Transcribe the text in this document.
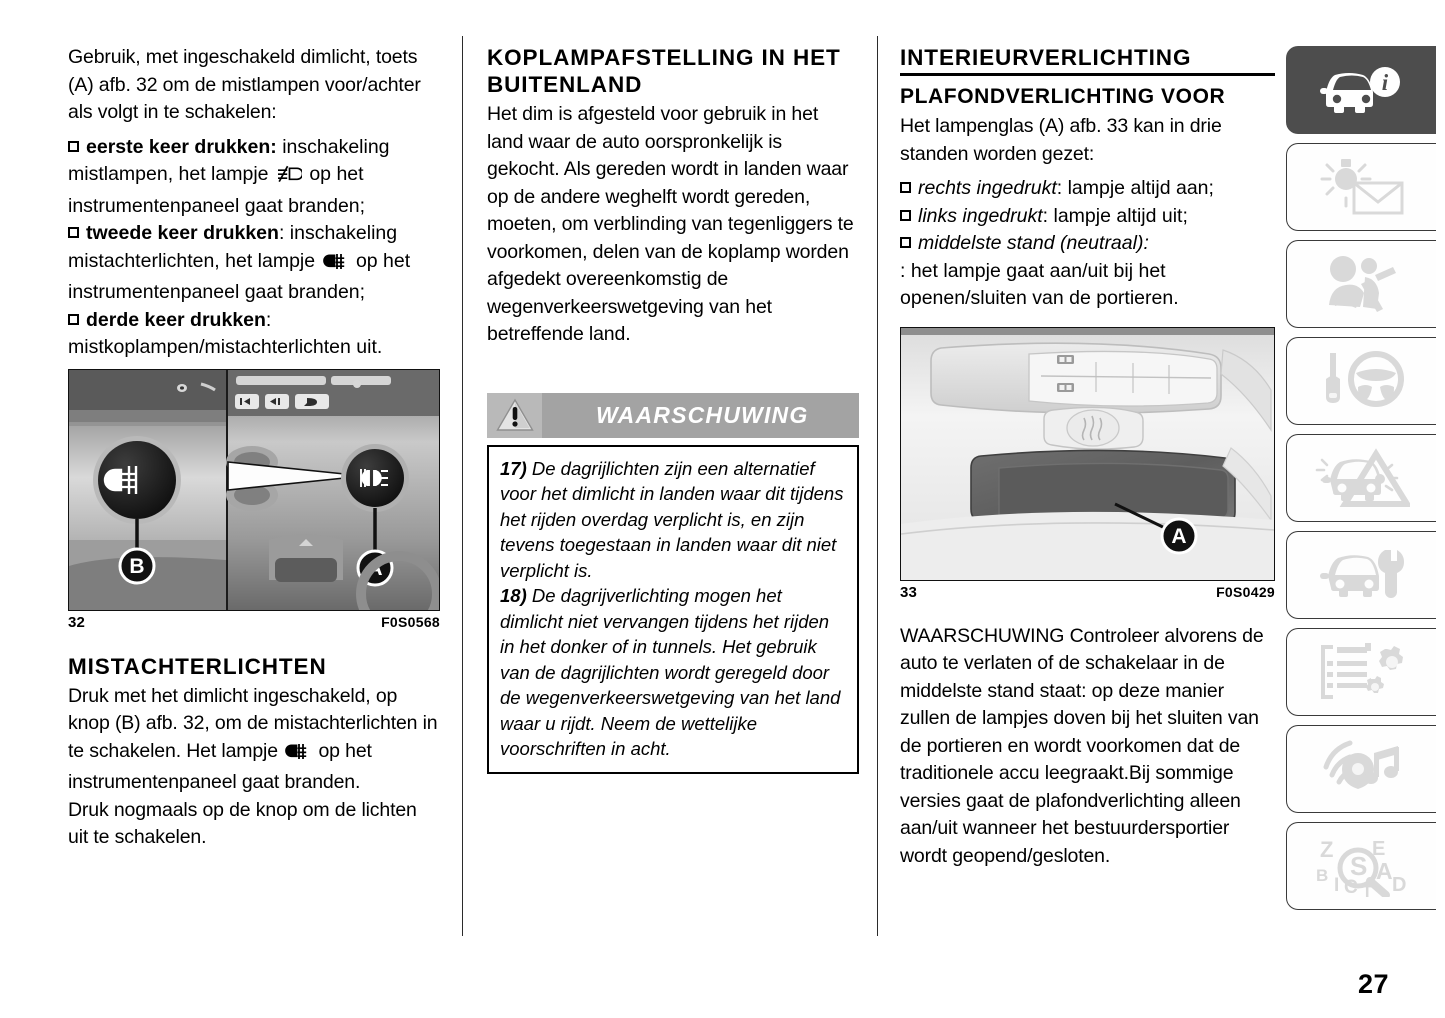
Gebruik, met ingeschakeld dimlicht, toets (A) afb. 32 om de mistlampen voor/achter als volgt in te schakelen:

eerste keer drukken: inschakeling mistlampen, het lampje  op het instrumentenpaneel gaat branden;
tweede keer drukken: inschakeling mistachterlichten, het lampje  op het instrumentenpaneel gaat branden;
derde keer drukken:
mistkoplampen/mistachterlichten uit.
B	A
32	F0S0568
MISTACHTERLICHTEN

Druk met het dimlicht ingeschakeld, op knop (B) afb. 32, om de mistachterlichten in te schakelen. Het lampje  op het instrumentenpaneel gaat branden.

Druk nogmaals op de knop om de lichten uit te schakelen.

KOPLAMPAFSTELLING IN HET BUITENLAND

Het dim is afgesteld voor gebruik in het land waar de auto oorspronkelijk is gekocht. Als gereden wordt in landen waar op de andere weghelft wordt gereden, moeten, om verblinding van tegenliggers te voorkomen, delen van de koplamp worden afgedekt overeenkomstig de wegenverkeerswetgeving van het betreffende land.

WAARSCHUWING
17) De dagrijlichten zijn een alternatief voor het dimlicht in landen waar dit tijdens het rijden overdag verplicht is, en zijn tevens toegestaan in landen waar dit niet verplicht is.
18) De dagrijverlichting mogen het dimlicht niet vervangen tijdens het rijden in het donker of in tunnels. Het gebruik van de dagrijlichten wordt geregeld door de wegenverkeerswetgeving van het land waar u rijdt. Neem de wettelijke voorschriften in acht.
INTERIEURVERLICHTING
PLAFONDVERLICHTING VOOR

Het lampenglas (A) afb. 33 kan in drie standen worden gezet:

rechts ingedrukt: lampje altijd aan;
links ingedrukt: lampje altijd uit;
middelste stand (neutraal):
: het lampje gaat aan/uit bij het openen/sluiten van de portieren.
A
33	F0S0429

WAARSCHUWING Controleer alvorens de auto te verlaten of de schakelaar in de middelste stand staat: op deze manier zullen de lampjes doven bij het sluiten van de portieren en wordt voorkomen dat de traditionele accu leegraakt.Bij sommige versies gaat de plafondverlichting alleen aan/uit wanneer het bestuurdersportier wordt geopend/gesloten.

i
Z
B I C T
E
A
D
S
27
